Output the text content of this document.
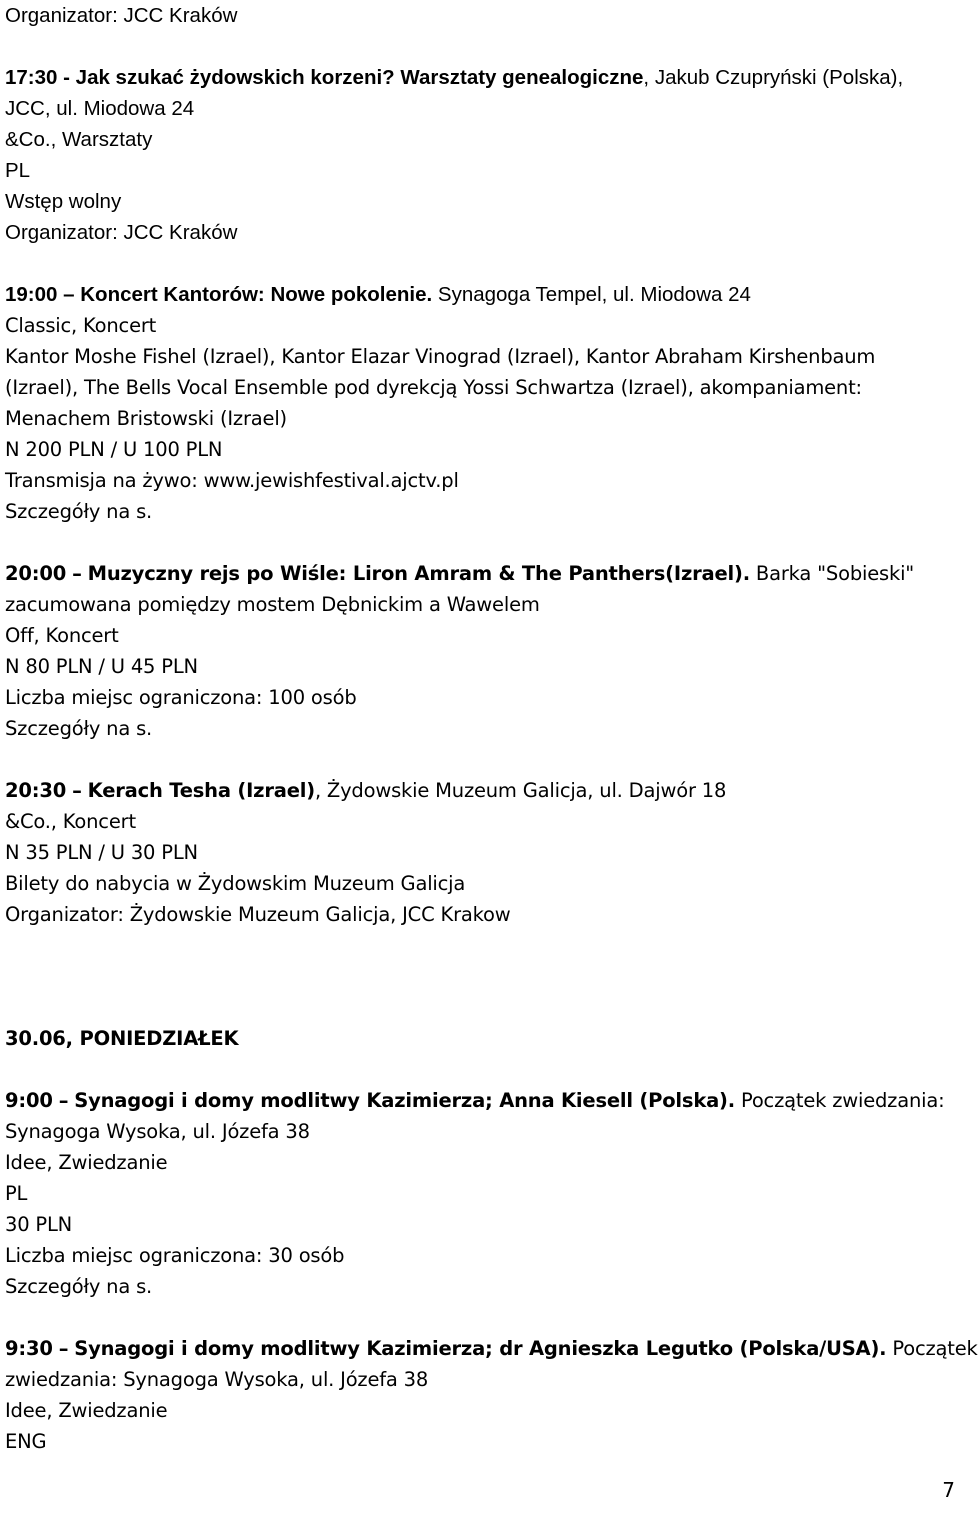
Organizator: JCC Kraków
17:30 - Jak szukać żydowskich korzeni? Warsztaty genealogiczne, Jakub Czupryński (Polska),
JCC, ul. Miodowa 24
&Co., Warsztaty
PL
Wstęp wolny
Organizator: JCC Kraków
19:00 – Koncert Kantorów: Nowe pokolenie. Synagoga Tempel, ul. Miodowa 24
Classic, Koncert
Kantor Moshe Fishel (Izrael), Kantor Elazar Vinograd (Izrael), Kantor Abraham Kirshenbaum
(Izrael), The Bells Vocal Ensemble pod dyrekcją Yossi Schwartza (Izrael), akompaniament:
Menachem Bristowski (Izrael)
N 200 PLN / U 100 PLN
Transmisja na żywo: www.jewishfestival.ajctv.pl
Szczegóły na s.
20:00 – Muzyczny rejs po Wiśle: Liron Amram & The Panthers(Izrael). Barka "Sobieski"
zacumowana pomiędzy mostem Dębnickim a Wawelem
Off, Koncert
N 80 PLN / U 45 PLN
Liczba miejsc ograniczona: 100 osób
Szczegóły na s.
20:30 – Kerach Tesha (Izrael), Żydowskie Muzeum Galicja, ul. Dajwór 18
&Co., Koncert
N 35 PLN / U 30 PLN
Bilety do nabycia w Żydowskim Muzeum Galicja
Organizator: Żydowskie Muzeum Galicja, JCC Krakow
30.06, PONIEDZIAŁEK
9:00 – Synagogi i domy modlitwy Kazimierza; Anna Kiesell (Polska). Początek zwiedzania:
Synagoga Wysoka, ul. Józefa 38
Idee, Zwiedzanie
PL
30 PLN
Liczba miejsc ograniczona: 30 osób
Szczegóły na s.
9:30 – Synagogi i domy modlitwy Kazimierza; dr Agnieszka Legutko (Polska/USA). Początek
zwiedzania: Synagoga Wysoka, ul. Józefa 38
Idee, Zwiedzanie
ENG
7
